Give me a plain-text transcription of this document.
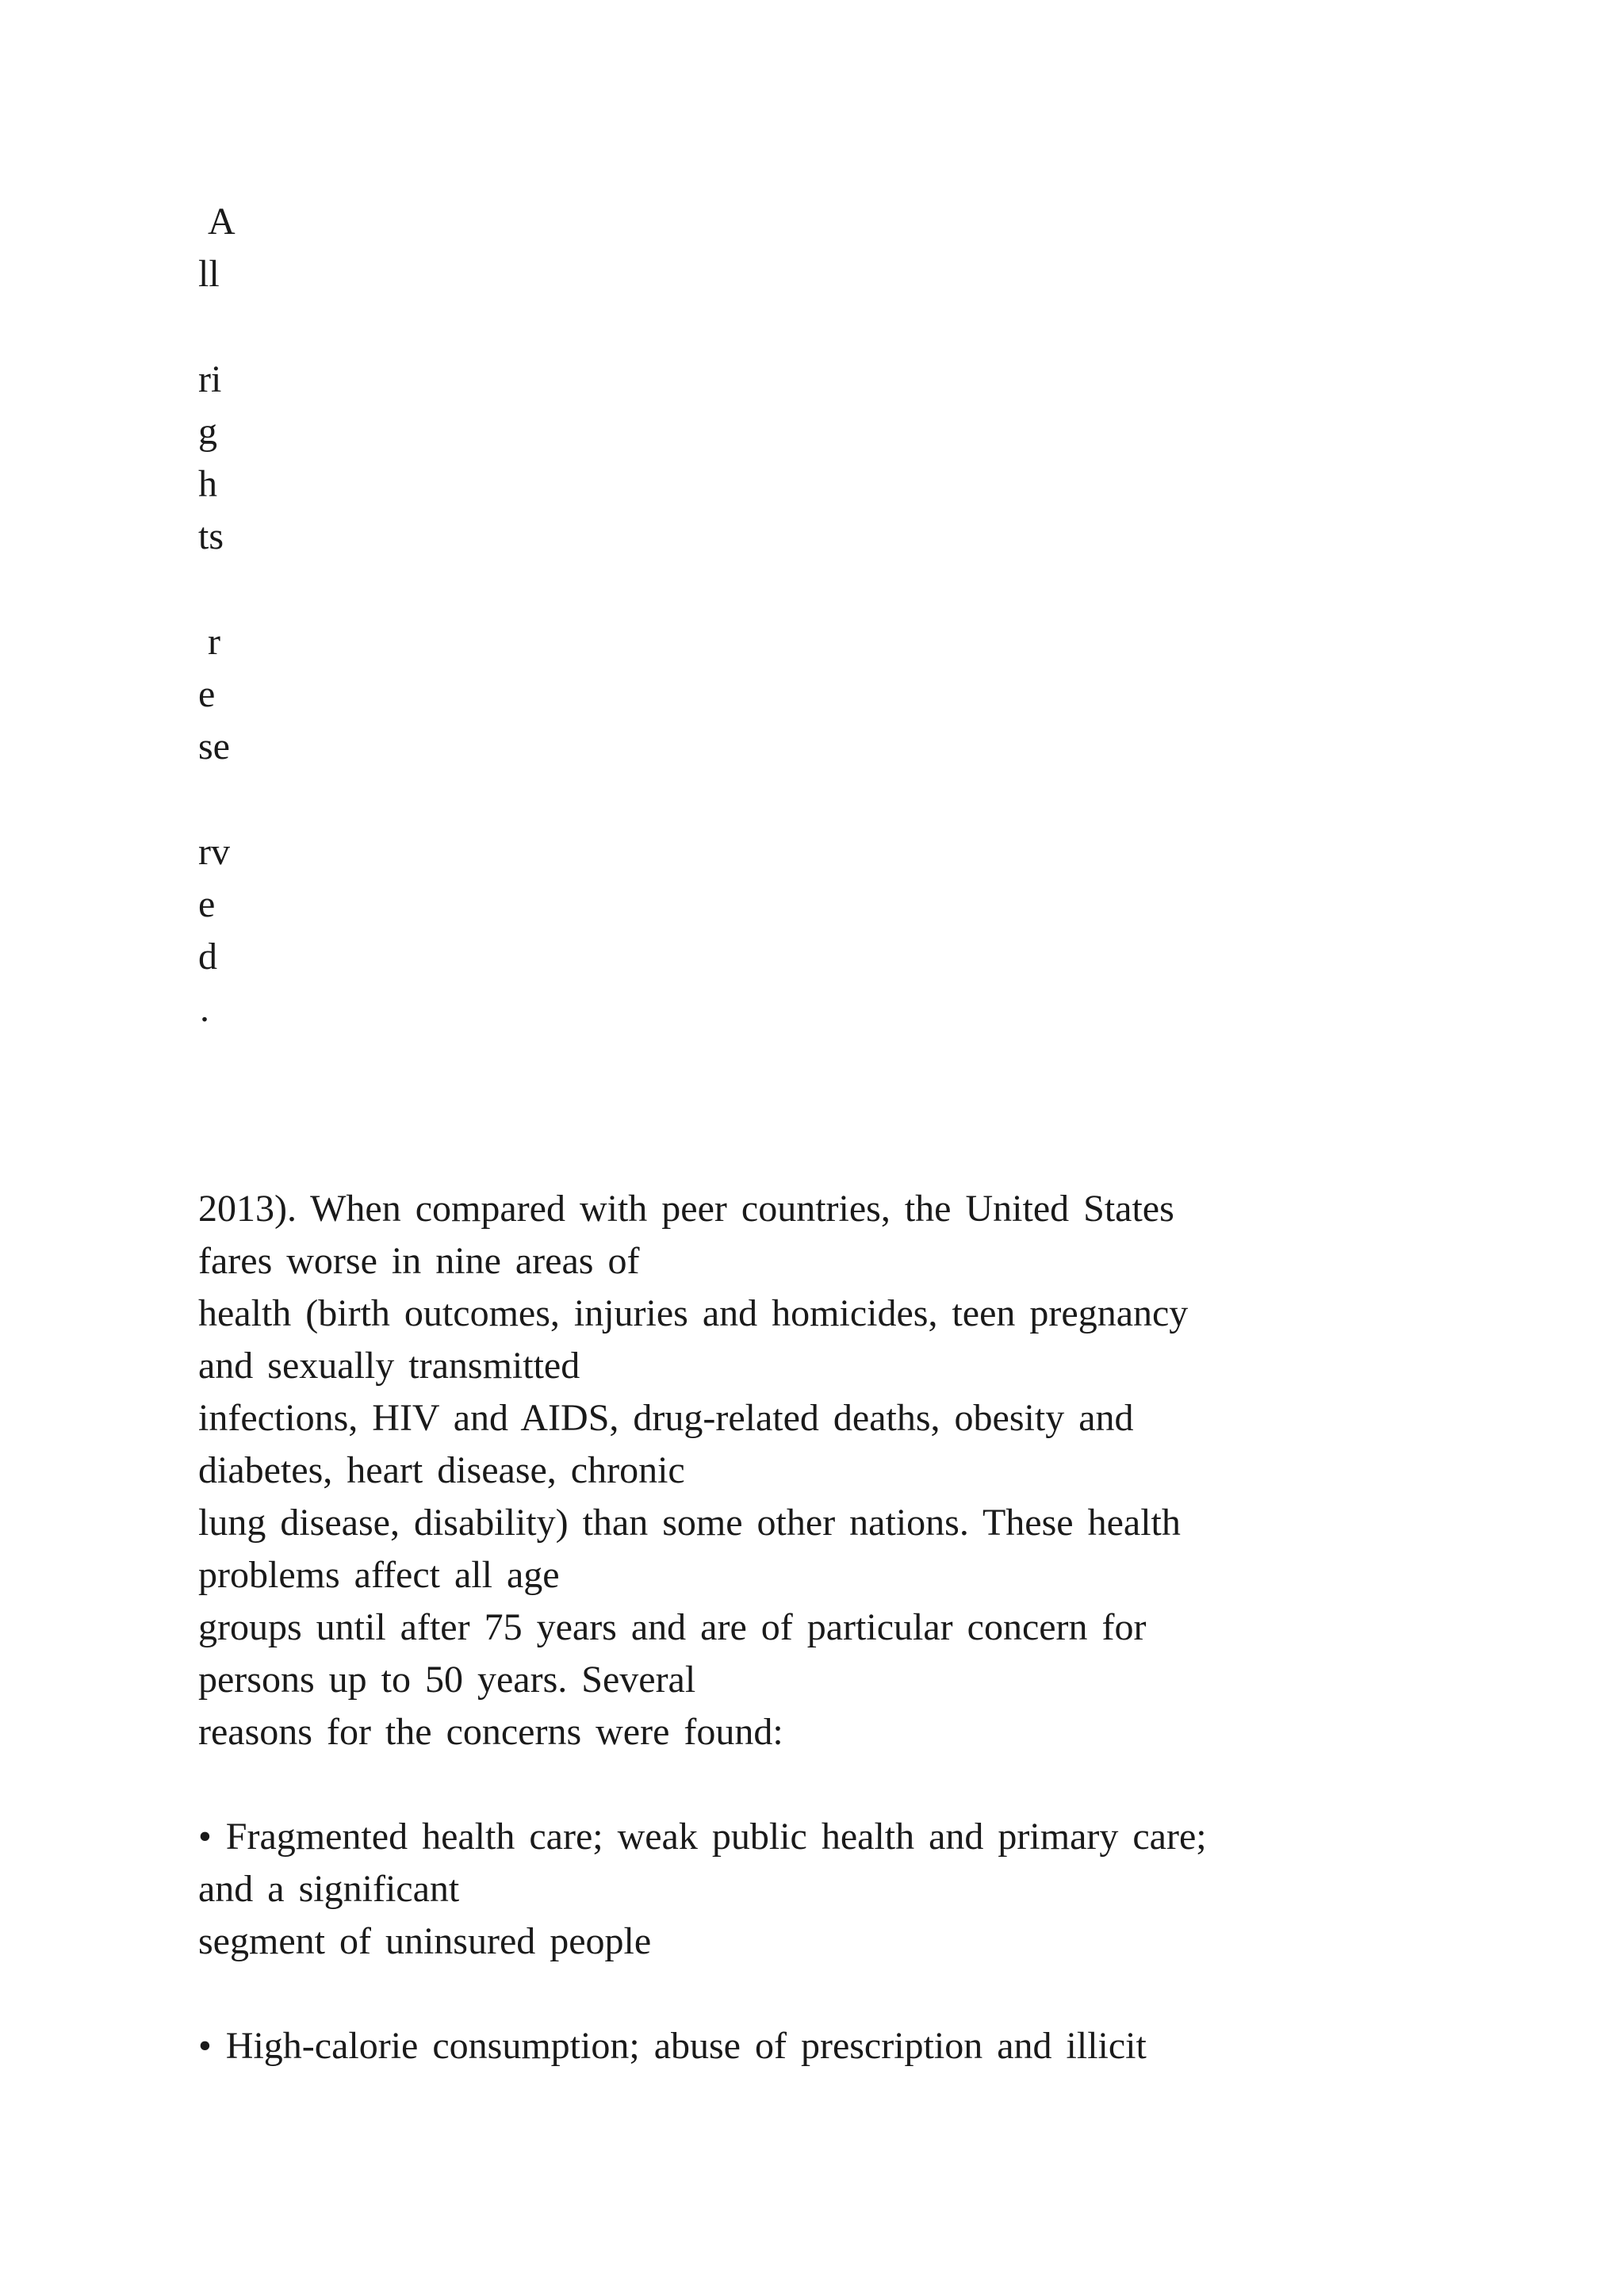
A
ll
ri
g
h
ts
r
e
se
rv
e
d
.
2013). When compared with peer countries, the United States
fares worse in nine areas of
health (birth outcomes, injuries and homicides, teen pregnancy
and sexually transmitted
infections, HIV and AIDS, drug-related deaths, obesity and
diabetes, heart disease, chronic
lung disease, disability) than some other nations. These health
problems affect all age
groups until after 75 years and are of particular concern for
persons up to 50 years. Several
reasons for the concerns were found:
• Fragmented health care; weak public health and primary care;
and a significant
segment of uninsured people
• High-calorie consumption; abuse of prescription and illicit
